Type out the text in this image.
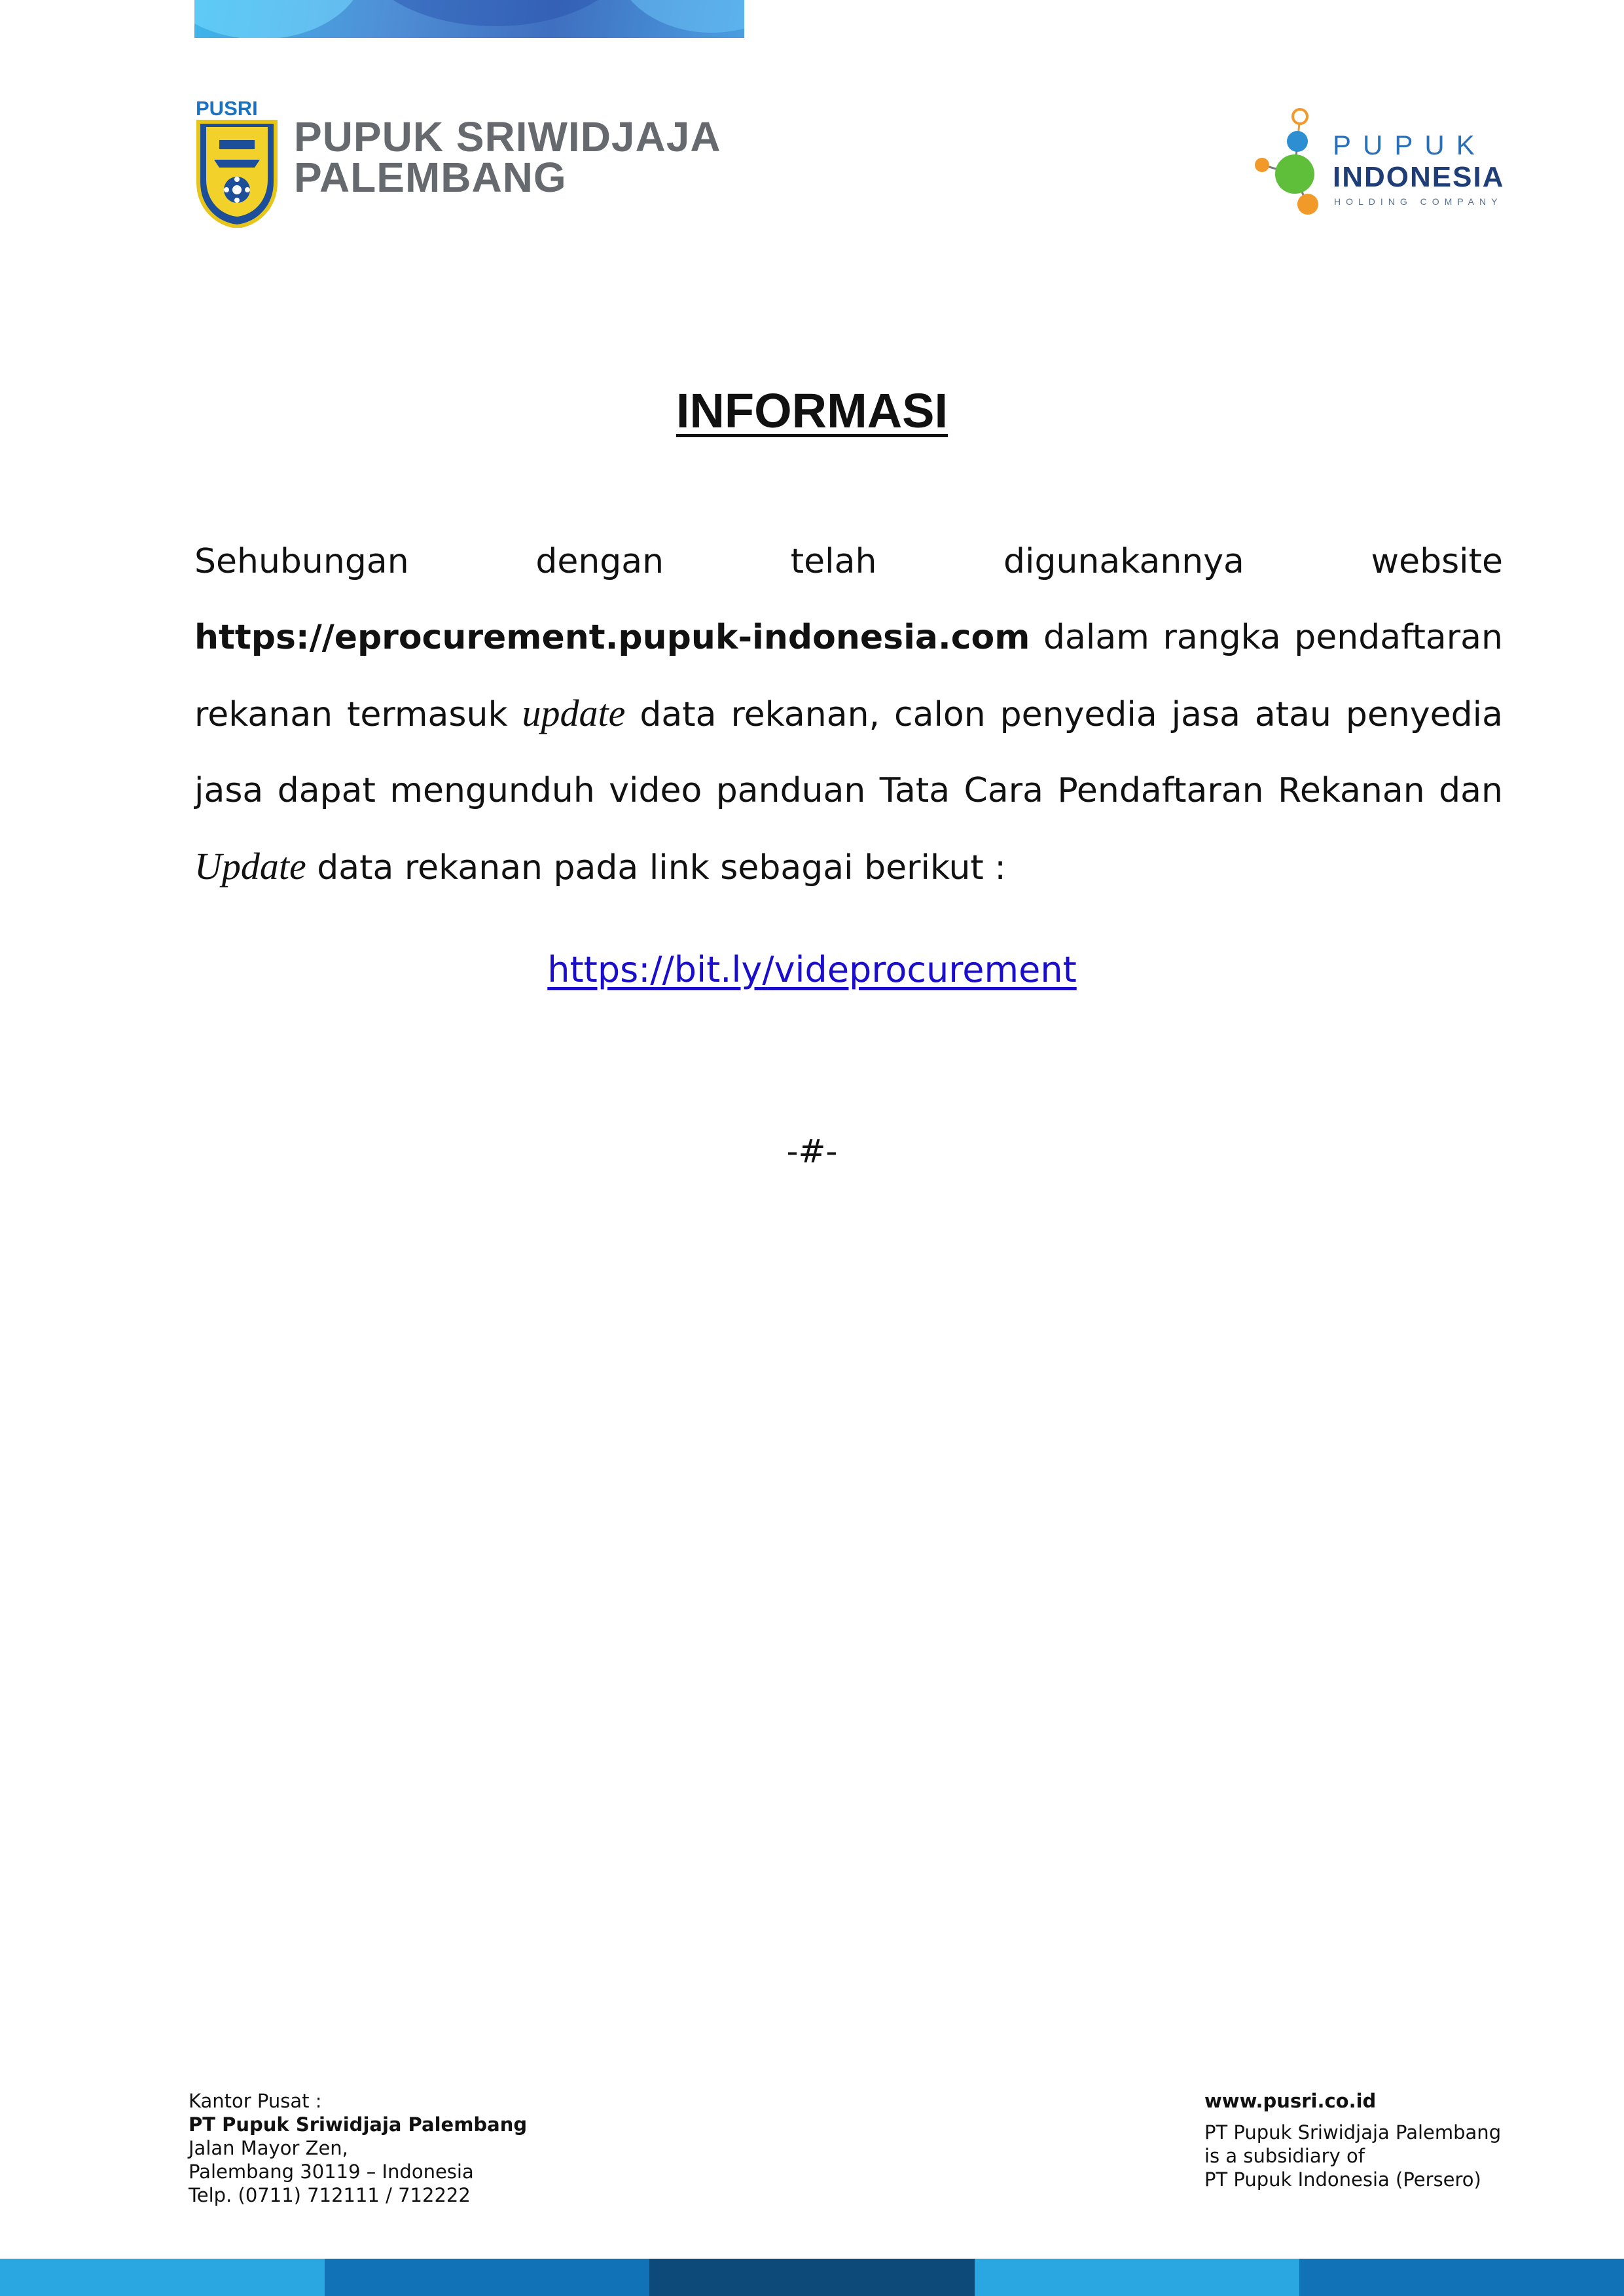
PUSRI
PUPUK SRIWIDJAJA
PALEMBANG
PUPUK
INDONESIA
HOLDING COMPANY
INFORMASI
Sehubungan dengan telah digunakannya website https://eprocurement.pupuk-indonesia.com dalam rangka pendaftaran rekanan termasuk update data rekanan, calon penyedia jasa atau penyedia jasa dapat mengunduh video panduan Tata Cara Pendaftaran Rekanan dan Update data rekanan pada link sebagai berikut :
https://bit.ly/videprocurement
-#-
Kantor Pusat :
PT Pupuk Sriwidjaja Palembang
Jalan Mayor Zen,
Palembang 30119 – Indonesia
Telp. (0711) 712111 / 712222
www.pusri.co.id
PT Pupuk Sriwidjaja Palembang
is a subsidiary of
PT Pupuk Indonesia (Persero)
